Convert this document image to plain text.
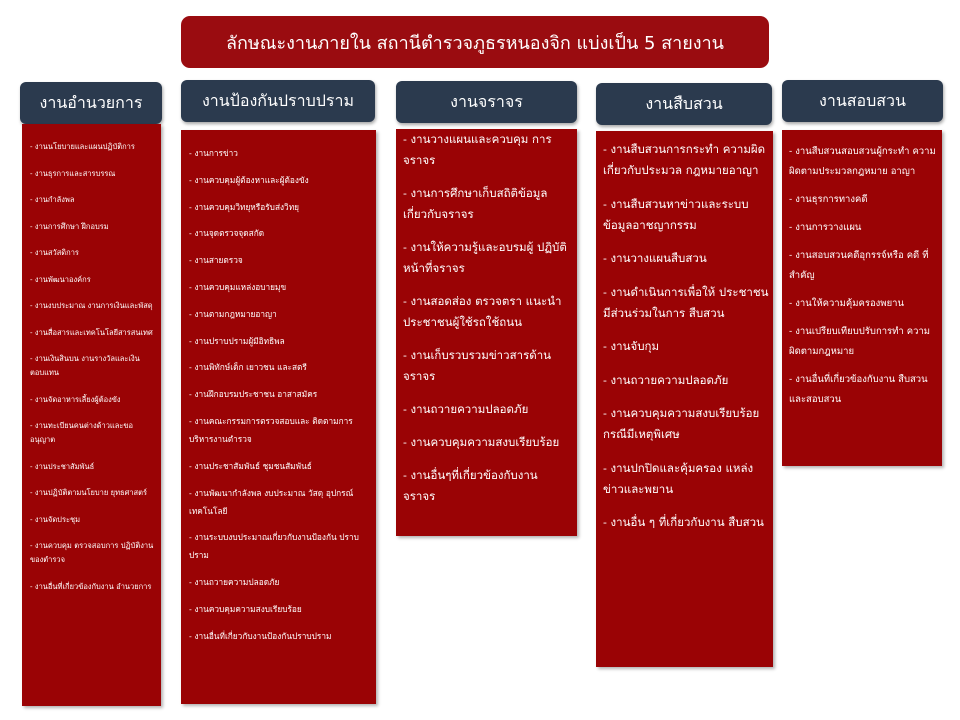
ลักษณะงานภายใน สถานีตำรวจภูธรหนองจิก แบ่งเป็น 5 สายงาน
งานอำนวยการ
- งานนโยบายและแผนปฏิบัติการ
- งานธุรการและสารบรรณ
- งานกำลังพล
- งานการศึกษา ฝึกอบรม
- งานสวัสดิการ
- งานพัฒนาองค์กร
- งานงบประมาณ งานการเงินและพัสดุ
- งานสื่อสารและเทคโนโลยีสารสนเทศ
- งานเงินสินบน งานรางวัลและเงินตอบแทน
- งานจัดอาหารเลี้ยงผู้ต้องขัง
- งานทะเบียนคนต่างด้าวและขอ อนุญาต
- งานประชาสัมพันธ์
- งานปฏิบัติตามนโยบาย ยุทธศาสตร์
- งานจัดประชุม
- งานควบคุม ตรวจสอบการ ปฏิบัติงานของตำรวจ
- งานอื่นที่เกี่ยวข้องกับงาน อำนวยการ
งานป้องกันปราบปราม
- งานการข่าว
- งานควบคุมผู้ต้องหาและผู้ต้องขัง
- งานควบคุมวิทยุหรือรับส่งวิทยุ
- งานจุดตรวจจุดสกัด
- งานสายตรวจ
- งานควบคุมแหล่งอบายมุข
- งานตามกฎหมายอาญา
- งานปราบปรามผู้มีอิทธิพล
- งานพิทักษ์เด็ก เยาวชน และสตรี
- งานฝึกอบรมประชาชน อาสาสมัคร
- งานคณะกรรมการตรวจสอบและ ติดตามการบริหารงานตำรวจ
- งานประชาสัมพันธ์ ชุมชนสัมพันธ์
- งานพัฒนากำลังพล งบประมาณ วัสดุ อุปกรณ์ เทคโนโลยี
- งานระบบงบประมาณเกี่ยวกับงานป้องกัน ปราบปราม
- งานถวายความปลอดภัย
- งานควบคุมความสงบเรียบร้อย
- งานอื่นที่เกี่ยวกับงานป้องกันปราบปราม
งานจราจร
- งานวางแผนและควบคุม การจราจร
- งานการศึกษาเก็บสถิติข้อมูล เกี่ยวกับจราจร
- งานให้ความรู้และอบรมผู้ ปฏิบัติหน้าที่จราจร
- งานสอดส่อง ตรวจตรา แนะนำ ประชาชนผู้ใช้รถใช้ถนน
- งานเก็บรวบรวมข่าวสารด้าน จราจร
- งานถวายความปลอดภัย
- งานควบคุมความสงบเรียบร้อย
- งานอื่นๆที่เกี่ยวข้องกับงาน จราจร
งานสืบสวน
- งานสืบสวนการกระทำ ความผิดเกี่ยวกับประมวล กฎหมายอาญา
- งานสืบสวนหาข่าวและระบบ ข้อมูลอาชญากรรม
- งานวางแผนสืบสวน
- งานดำเนินการเพื่อให้ ประชาชนมีส่วนร่วมในการ สืบสวน
- งานจับกุม
- งานถวายความปลอดภัย
- งานควบคุมความสงบเรียบร้อย กรณีมีเหตุพิเศษ
- งานปกปิดและคุ้มครอง แหล่งข่าวและพยาน
- งานอื่น ๆ ที่เกี่ยวกับงาน สืบสวน
งานสอบสวน
- งานสืบสวนสอบสวนผู้กระทำ ความผิดตามประมวลกฎหมาย อาญา
- งานธุรการทางคดี
- งานการวางแผน
- งานสอบสวนคดีอุกรรจ์หรือ คดี ที่สำคัญ
- งานให้ความคุ้มครองพยาน
- งานเปรียบเทียบปรับการทำ ความผิดตามกฎหมาย
- งานอื่นที่เกี่ยวข้องกับงาน สืบสวนและสอบสวน
